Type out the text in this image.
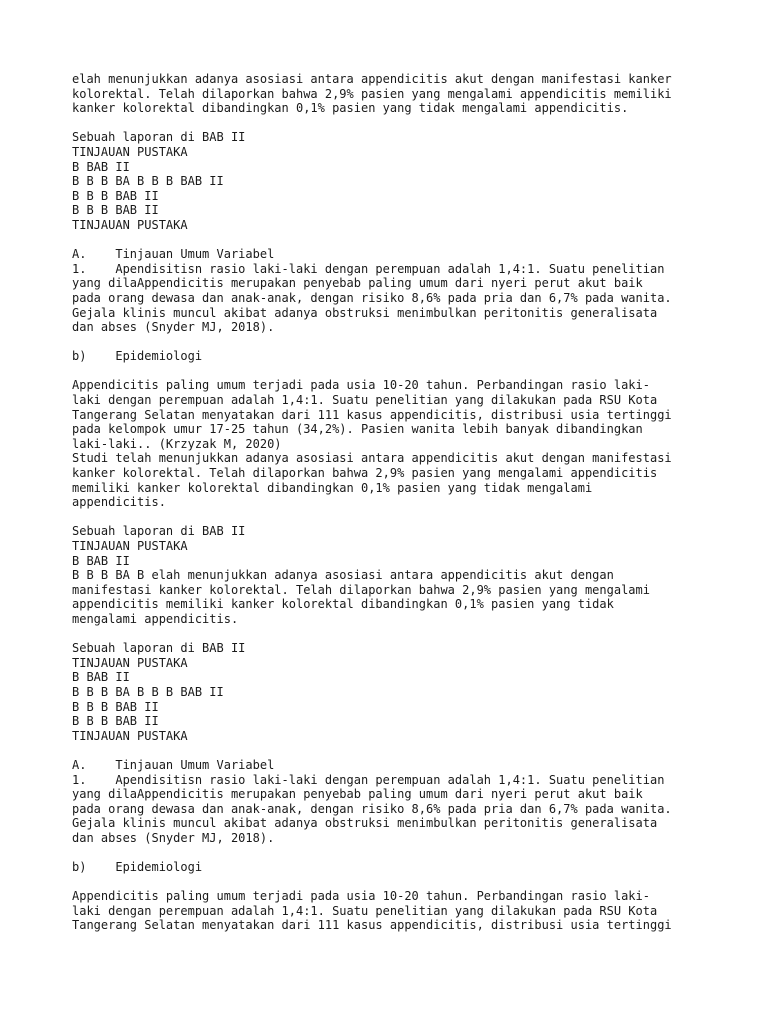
elah menunjukkan adanya asosiasi antara appendicitis akut dengan manifestasi kanker
kolorektal. Telah dilaporkan bahwa 2,9% pasien yang mengalami appendicitis memiliki
kanker kolorektal dibandingkan 0,1% pasien yang tidak mengalami appendicitis.
Sebuah laporan di BAB II
TINJAUAN PUSTAKA
B BAB II
B B B BA B B B BAB II
B B B BAB II
B B B BAB II
TINJAUAN PUSTAKA
A.    Tinjauan Umum Variabel
1.    Apendisitisn rasio laki-laki dengan perempuan adalah 1,4:1. Suatu penelitian
yang dilaAppendicitis merupakan penyebab paling umum dari nyeri perut akut baik
pada orang dewasa dan anak-anak, dengan risiko 8,6% pada pria dan 6,7% pada wanita.
Gejala klinis muncul akibat adanya obstruksi menimbulkan peritonitis generalisata
dan abses (Snyder MJ, 2018).
b)    Epidemiologi
Appendicitis paling umum terjadi pada usia 10-20 tahun. Perbandingan rasio laki-
laki dengan perempuan adalah 1,4:1. Suatu penelitian yang dilakukan pada RSU Kota
Tangerang Selatan menyatakan dari 111 kasus appendicitis, distribusi usia tertinggi
pada kelompok umur 17-25 tahun (34,2%). Pasien wanita lebih banyak dibandingkan
laki-laki.. (Krzyzak M, 2020)
Studi telah menunjukkan adanya asosiasi antara appendicitis akut dengan manifestasi
kanker kolorektal. Telah dilaporkan bahwa 2,9% pasien yang mengalami appendicitis
memiliki kanker kolorektal dibandingkan 0,1% pasien yang tidak mengalami
appendicitis.
Sebuah laporan di BAB II
TINJAUAN PUSTAKA
B BAB II
B B B BA B elah menunjukkan adanya asosiasi antara appendicitis akut dengan
manifestasi kanker kolorektal. Telah dilaporkan bahwa 2,9% pasien yang mengalami
appendicitis memiliki kanker kolorektal dibandingkan 0,1% pasien yang tidak
mengalami appendicitis.
Sebuah laporan di BAB II
TINJAUAN PUSTAKA
B BAB II
B B B BA B B B BAB II
B B B BAB II
B B B BAB II
TINJAUAN PUSTAKA
A.    Tinjauan Umum Variabel
1.    Apendisitisn rasio laki-laki dengan perempuan adalah 1,4:1. Suatu penelitian
yang dilaAppendicitis merupakan penyebab paling umum dari nyeri perut akut baik
pada orang dewasa dan anak-anak, dengan risiko 8,6% pada pria dan 6,7% pada wanita.
Gejala klinis muncul akibat adanya obstruksi menimbulkan peritonitis generalisata
dan abses (Snyder MJ, 2018).
b)    Epidemiologi
Appendicitis paling umum terjadi pada usia 10-20 tahun. Perbandingan rasio laki-
laki dengan perempuan adalah 1,4:1. Suatu penelitian yang dilakukan pada RSU Kota
Tangerang Selatan menyatakan dari 111 kasus appendicitis, distribusi usia tertinggi
